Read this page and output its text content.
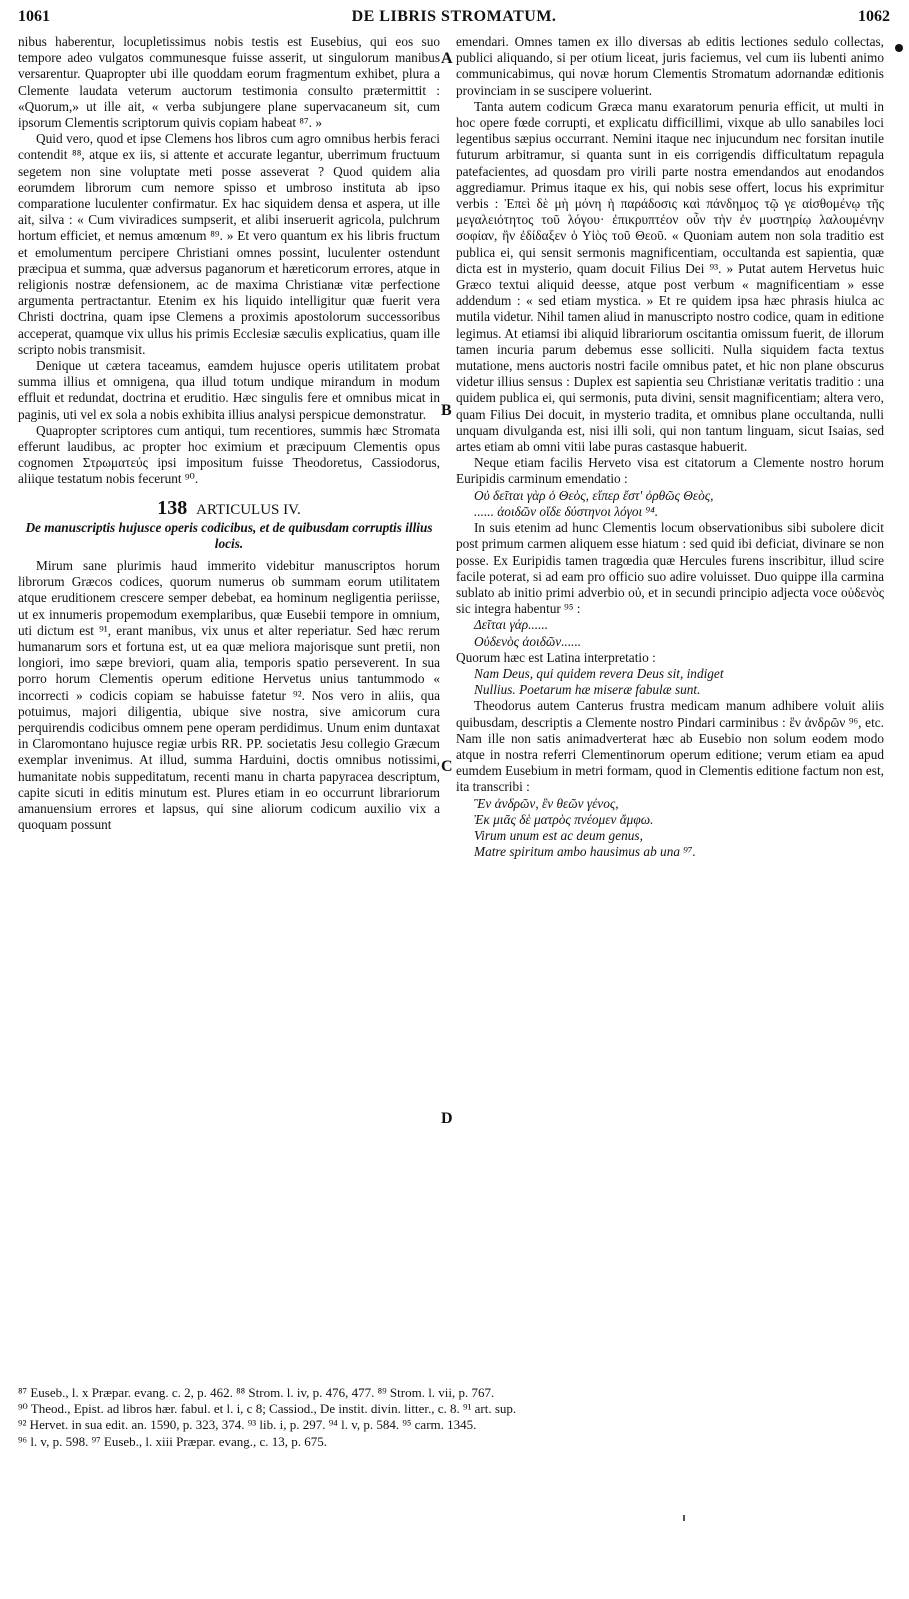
1061	DE LIBRIS STROMATUM.	1062
A
B
C
D

nibus haberentur, locupletissimus nobis testis est Eusebius, qui eos suo tempore adeo vulgatos communesque fuisse asserit, ut singulorum manibus versarentur. Quapropter ubi ille quoddam eorum fragmentum exhibet, plura a Clemente laudata veterum auctorum testimonia consulto prætermittit : «Quorum,» ut ille ait, « verba subjungere plane supervacaneum sit, cum ipsorum Clementis scriptorum quivis copiam habeat ⁸⁷. »

Quid vero, quod et ipse Clemens hos libros cum agro omnibus herbis feraci contendit ⁸⁸, atque ex iis, si attente et accurate legantur, uberrimum fructuum segetem non sine voluptate meti posse asseverat ? Quod quidem alia eorumdem librorum cum nemore spisso et umbroso instituta ab ipso comparatione luculenter confirmatur. Ex hac siquidem densa et aspera, ut ille ait, silva : « Cum viviradices sumpserit, et alibi inseruerit agricola, pulchrum hortum efficiet, et nemus amœnum ⁸⁹. » Et vero quantum ex his libris fructum et emolumentum percipere Christiani omnes possint, luculenter ostendunt præcipua et summa, quæ adversus paganorum et hæreticorum errores, atque in religionis nostræ defensionem, ac de maxima Christianæ vitæ perfectione argumenta pertractantur. Etenim ex his liquido intelligitur quæ fuerit vera Christi doctrina, quam ipse Clemens a proximis apostolorum successoribus acceperat, quamque vix ullus his primis Ecclesiæ sæculis explicatius, quam ille scripto nobis transmisit.

Denique ut cætera taceamus, eamdem hujusce operis utilitatem probat summa illius et omnigena, qua illud totum undique mirandum in modum effluit et redundat, doctrina et eruditio. Hæc singulis fere et omnibus micat in paginis, uti vel ex sola a nobis exhibita illius analysi perspicue demonstratur.

Quapropter scriptores cum antiqui, tum recentiores, summis hæc Stromata efferunt laudibus, ac propter hoc eximium et præcipuum Clementis opus cognomen Στρωματεύς ipsi impositum fuisse Theodoretus, Cassiodorus, aliique testatum nobis fecerunt ⁹⁰.

138 ARTICULUS IV.
De manuscriptis hujusce operis codicibus, et de quibusdam corruptis illius locis.

Mirum sane plurimis haud immerito videbitur manuscriptos horum librorum Græcos codices, quorum numerus ob summam eorum utilitatem atque eruditionem crescere semper debebat, ea hominum negligentia periisse, ut ex innumeris propemodum exemplaribus, quæ Eusebii tempore in omnium, uti dictum est ⁹¹, erant manibus, vix unus et alter reperiatur. Sed hæc rerum humanarum sors et fortuna est, ut ea quæ meliora majorisque sunt pretii, non longiori, imo sæpe breviori, quam alia, temporis spatio perseverent. In sua porro horum Clementis operum editione Hervetus unius tantummodo « incorrecti » codicis copiam se habuisse fatetur ⁹². Nos vero in aliis, qua potuimus, majori diligentia, ubique sive nostra, sive amicorum cura perquirendis codicibus omnem pene operam perdidimus. Unum enim duntaxat in Claromontano hujusce regiæ urbis RR. PP. societatis Jesu collegio Græcum exemplar invenimus. At illud, summa Harduini, doctis omnibus notissimi, humanitate nobis suppeditatum, recenti manu in charta papyracea descriptum, capite sicuti in editis minutum est. Plures etiam in eo occurrunt librariorum amanuensium errores et lapsus, qui sine aliorum codicum auxilio vix a quoquam possunt

emendari. Omnes tamen ex illo diversas ab editis lectiones sedulo collectas, publici aliquando, si per otium liceat, juris faciemus, vel cum iis lubenti animo communicabimus, qui novæ horum Clementis Stromatum adornandæ editionis provinciam in se suscipere voluerint.

Tanta autem codicum Græca manu exaratorum penuria efficit, ut multi in hoc opere fœde corrupti, et explicatu difficillimi, vixque ab ullo sanabiles loci legentibus sæpius occurrant. Nemini itaque nec injucundum nec forsitan inutile futurum arbitramur, si quanta sunt in eis corrigendis difficultatum repagula patefacientes, ad quosdam pro virili parte nostra emendandos aut enodandos aggrediamur. Primus itaque ex his, qui nobis sese offert, locus his exprimitur verbis : Ἐπεὶ δὲ μὴ μόνη ἡ παράδοσις καὶ πάνδημος τῷ γε αἰσθομένῳ τῆς μεγαλειότητος τοῦ λόγου· ἐπικρυπτέον οὖν τὴν ἐν μυστηρίῳ λαλουμένην σοφίαν, ἣν ἐδίδαξεν ὁ Υἱὸς τοῦ Θεοῦ. « Quoniam autem non sola traditio est publica ei, qui sensit sermonis magnificentiam, occultanda est sapientia, quæ dicta est in mysterio, quam docuit Filius Dei ⁹³. » Putat autem Hervetus huic Græco textui aliquid deesse, atque post verbum « magnificentiam » esse addendum : « sed etiam mystica. » Et re quidem ipsa hæc phrasis hiulca ac mutila videtur. Nihil tamen aliud in manuscripto nostro codice, quam in editione legimus. At etiamsi ibi aliquid librariorum oscitantia omissum fuerit, de illorum tamen incuria parum debemus esse solliciti. Nulla siquidem facta textus mutatione, mens auctoris nostri facile omnibus patet, et hic non plane obscurus videtur illius sensus : Duplex est sapientia seu Christianæ veritatis traditio : una quidem publica ei, qui sermonis, puta divini, sensit magnificentiam; altera vero, quam Filius Dei docuit, in mysterio tradita, et omnibus plane occultanda, nulli unquam divulganda est, nisi illi soli, qui non tantum linguam, sicut Isaias, sed artes etiam ab omni vitii labe puras castasque habuerit.

Neque etiam facilis Herveto visa est citatorum a Clemente nostro horum Euripidis carminum emendatio :

Οὐ δεῖται γὰρ ὁ Θεὸς, εἴπερ ἔστ' ὀρθῶς Θεὸς,
...... ἀοιδῶν οἵδε δύστηνοι λόγοι ⁹⁴.

In suis etenim ad hunc Clementis locum observationibus sibi subolere dicit post primum carmen aliquem esse hiatum : sed quid ibi deficiat, divinare se non posse. Ex Euripidis tamen tragœdia quæ Hercules furens inscribitur, illud scire facile poterat, si ad eam pro officio suo adire voluisset. Duo quippe illa carmina sublato ab initio primi adverbio οὐ, et in secundi principio adjecta voce οὐδενὸς sic integra habentur ⁹⁵ :

Δεῖται γάρ......
Οὐδενὸς ἀοιδῶν......

Quorum hæc est Latina interpretatio :

Nam Deus, qui quidem revera Deus sit, indiget
Nullius. Poetarum hæ miseræ fabulæ sunt.

Theodorus autem Canterus frustra medicam manum adhibere voluit aliis quibusdam, descriptis a Clemente nostro Pindari carminibus : ἓν ἀνδρῶν ⁹⁶, etc. Nam ille non satis animadverterat hæc ab Eusebio non solum eodem modo atque in nostra referri Clementinorum operum editione; verum etiam ea apud eumdem Eusebium in metri formam, quod in Clementis editione factum non est, ita transcribi :

Ἓν ἀνδρῶν, ἓν θεῶν γένος,
Ἐκ μιᾶς δὲ ματρὸς πνέομεν ἄμφω.
Virum unum est ac deum genus,
Matre spiritum ambo hausimus ab una ⁹⁷.
⁸⁷ Euseb., l. x Præpar. evang. c. 2, p. 462. ⁸⁸ Strom. l. iv, p. 476, 477. ⁸⁹ Strom. l. vii, p. 767.
⁹⁰ Theod., Epist. ad libros hær. fabul. et l. i, c 8; Cassiod., De instit. divin. litter., c. 8. ⁹¹ art. sup.
⁹² Hervet. in sua edit. an. 1590, p. 323, 374. ⁹³ lib. i, p. 297. ⁹⁴ l. v, p. 584. ⁹⁵ carm. 1345.
⁹⁶ l. v, p. 598. ⁹⁷ Euseb., l. xiii Præpar. evang., c. 13, p. 675.
